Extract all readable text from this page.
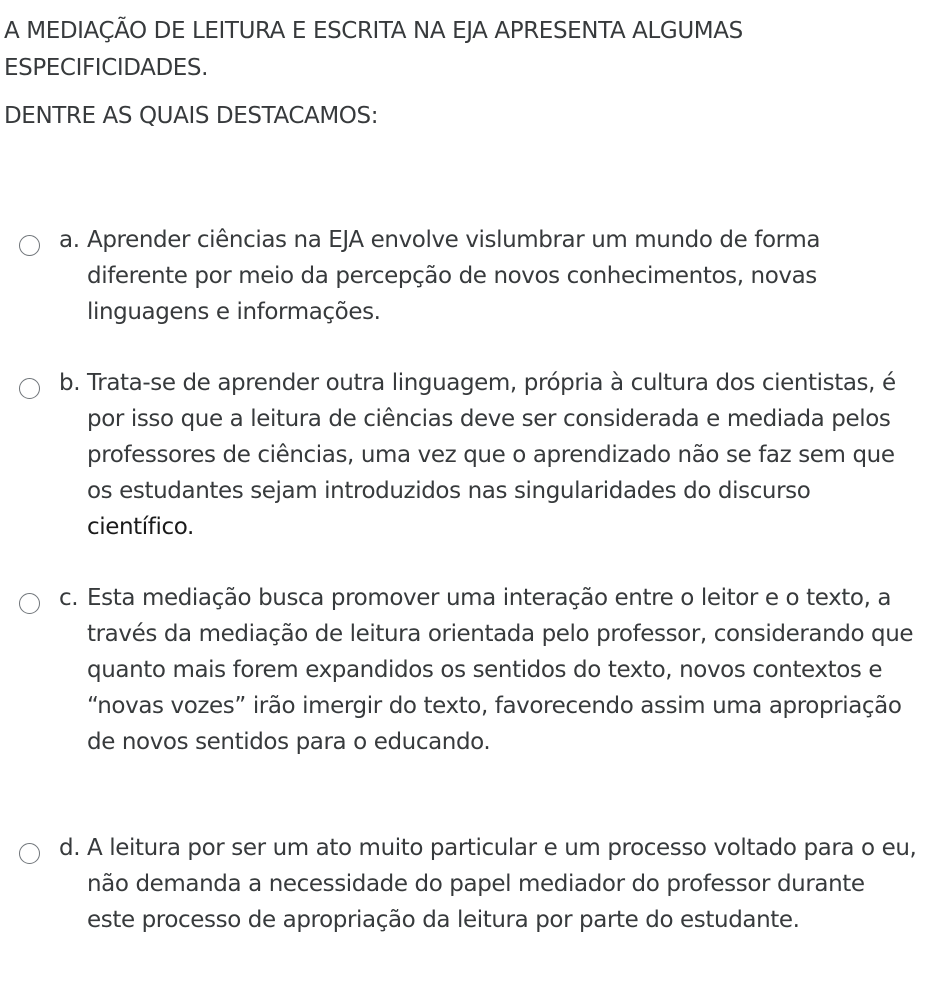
A MEDIAÇÃO DE LEITURA E ESCRITA NA EJA APRESENTA ALGUMAS ESPECIFICIDADES.

DENTRE AS QUAIS DESTACAMOS:

a. Aprender ciências na EJA envolve vislumbrar um mundo de forma diferente por meio da percepção de novos conhecimentos, novas linguagens e informações.
b. Trata-se de aprender outra linguagem, própria à cultura dos cientistas, é por isso que a leitura de ciências deve ser considerada e mediada pelos professores de ciências, uma vez que o aprendizado não se faz sem que os estudantes sejam introduzidos nas singularidades do discurso científico.
c. Esta mediação busca promover uma interação entre o leitor e o texto, a través da mediação de leitura orientada pelo professor, considerando que quanto mais forem expandidos os sentidos do texto, novos contextos e “novas vozes” irão imergir do texto, favorecendo assim uma apropriação de novos sentidos para o educando.
d. A leitura por ser um ato muito particular e um processo voltado para o eu, não demanda a necessidade do papel mediador do professor durante este processo de apropriação da leitura por parte do estudante.
